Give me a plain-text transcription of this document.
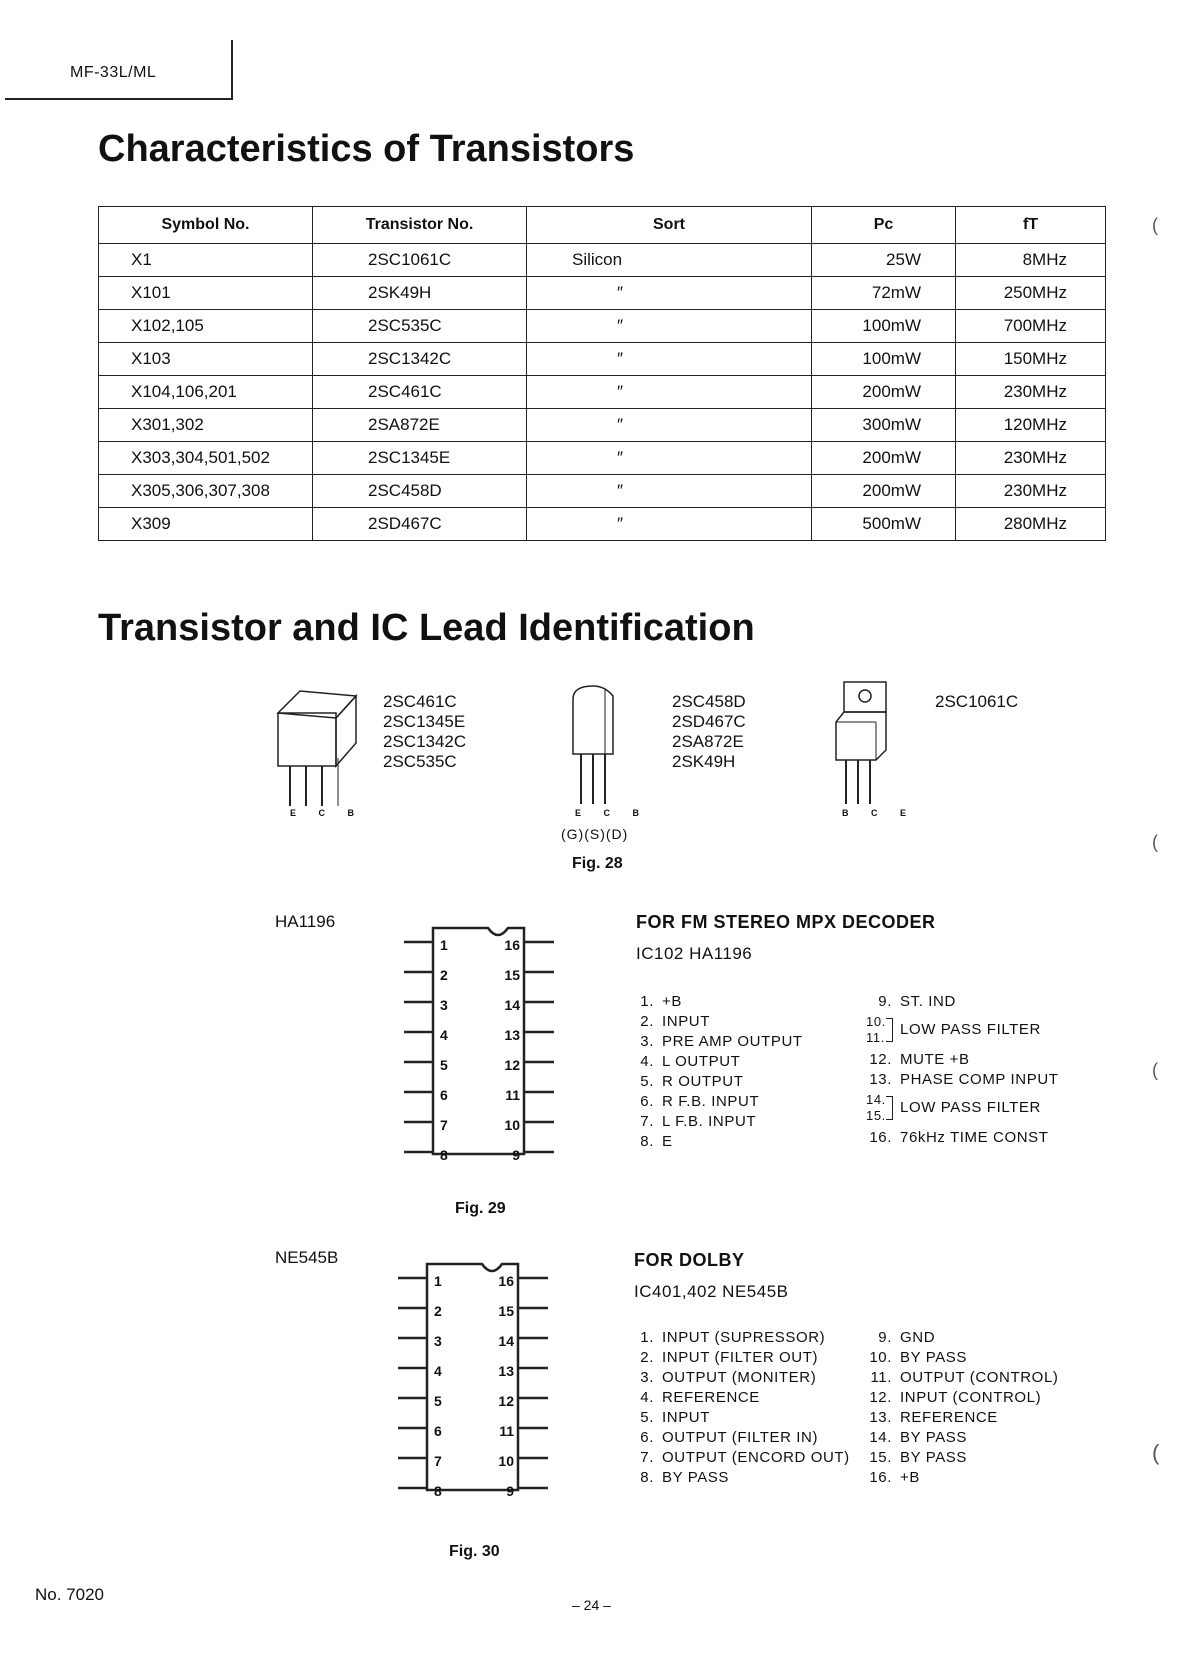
MF-33L/ML
Characteristics of Transistors
Symbol No.	Transistor No.	Sort	Pc	fT
X1	2SC1061C	Silicon	25W	8MHz
X101	2SK49H	″	72mW	250MHz
X102,105	2SC535C	″	100mW	700MHz
X103	2SC1342C	″	100mW	150MHz
X104,106,201	2SC461C	″	200mW	230MHz
X301,302	2SA872E	″	300mW	120MHz
X303,304,501,502	2SC1345E	″	200mW	230MHz
X305,306,307,308	2SC458D	″	200mW	230MHz
X309	2SD467C	″	500mW	280MHz
Transistor and IC Lead Identification
E C B
2SC461C
2SC1345E
2SC1342C
2SC535C
E C B
(G)(S)(D)
2SC458D
2SD467C
2SA872E
2SK49H
Fig. 28
B C E
2SC1061C
HA1196
1
2
3
4
5
6
7
8
16
15
14
13
12
11
10
9
Fig. 29
FOR FM STEREO MPX DECODER
IC102 HA1196
1. +B
2. INPUT
3. PRE AMP OUTPUT
4. L OUTPUT
5. R OUTPUT
6. R F.B. INPUT
7. L F.B. INPUT
8. E
9. ST. IND
10.
11. LOW PASS FILTER
12. MUTE +B
13. PHASE COMP INPUT
14.
15. LOW PASS FILTER
16. 76kHz TIME CONST
NE545B
1
2
3
4
5
6
7
8
16
15
14
13
12
11
10
9
Fig. 30
FOR DOLBY
IC401,402 NE545B
1. INPUT (SUPRESSOR)
2. INPUT (FILTER OUT)
3. OUTPUT (MONITER)
4. REFERENCE
5. INPUT
6. OUTPUT (FILTER IN)
7. OUTPUT (ENCORD OUT)
8. BY PASS
9. GND
10. BY PASS
11. OUTPUT (CONTROL)
12. INPUT (CONTROL)
13. REFERENCE
14. BY PASS
15. BY PASS
16. +B
No. 7020
– 24 –
(
(
(
(
